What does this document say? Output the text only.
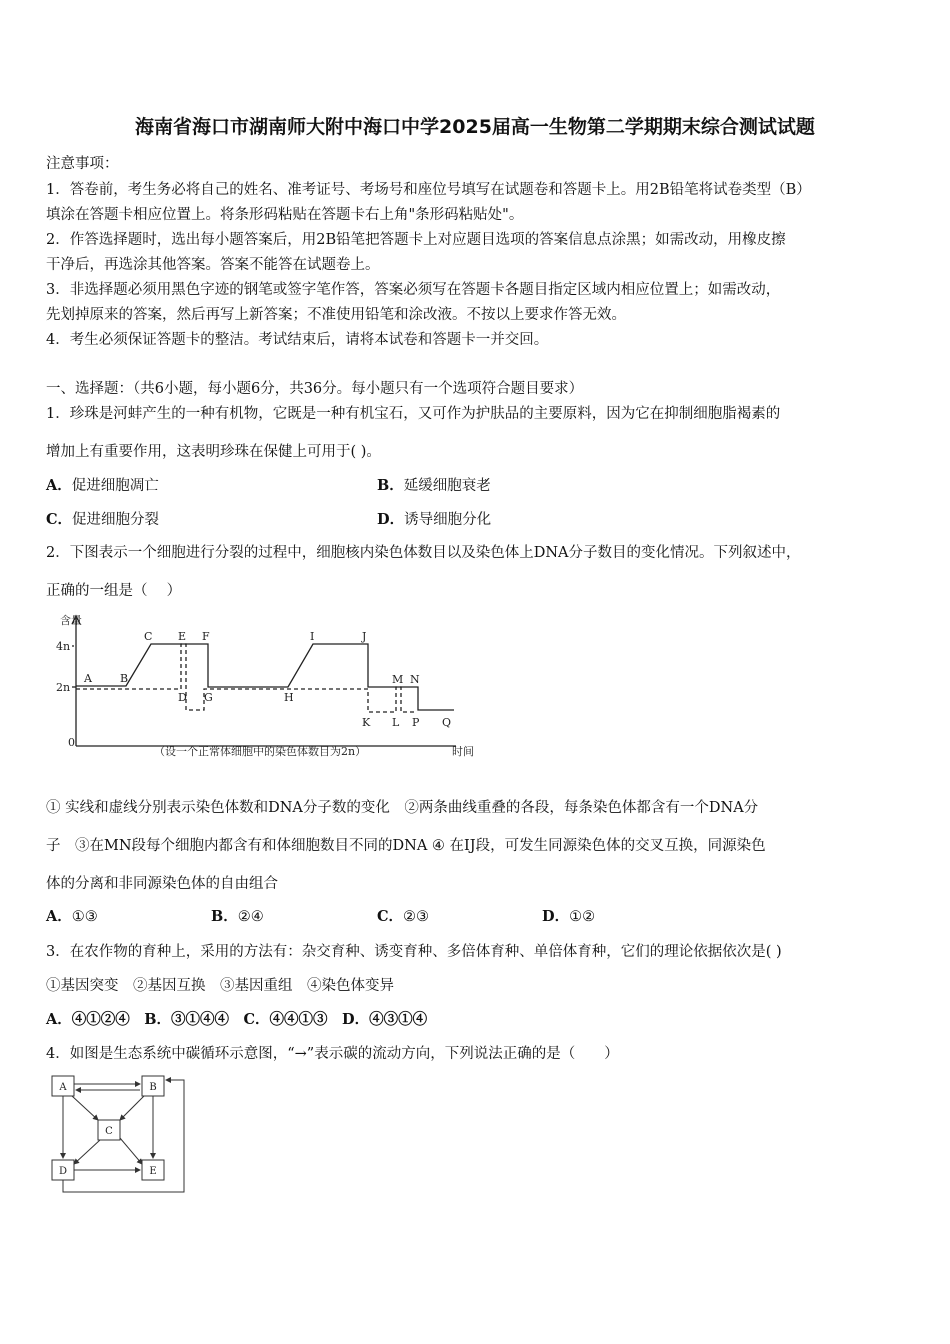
海南省海口市湖南师大附中海口中学2025届高一生物第二学期期末综合测试试题
注意事项：
1．答卷前，考生务必将自己的姓名、准考证号、考场号和座位号填写在试题卷和答题卡上。用2B铅笔将试卷类型（B）
填涂在答题卡相应位置上。将条形码粘贴在答题卡右上角"条形码粘贴处"。
2．作答选择题时，选出每小题答案后，用2B铅笔把答题卡上对应题目选项的答案信息点涂黑；如需改动，用橡皮擦
干净后，再选涂其他答案。答案不能答在试题卷上。
3．非选择题必须用黑色字迹的钢笔或签字笔作答，答案必须写在答题卡各题目指定区域内相应位置上；如需改动，
先划掉原来的答案，然后再写上新答案；不准使用铅笔和涂改液。不按以上要求作答无效。
4．考生必须保证答题卡的整洁。考试结束后，请将本试卷和答题卡一并交回。
一、选择题：（共6小题，每小题6分，共36分。每小题只有一个选项符合题目要求）
1．珍珠是河蚌产生的一种有机物，它既是一种有机宝石，又可作为护肤品的主要原料，因为它在抑制细胞脂褐素的
增加上有重要作用，这表明珍珠在保健上可用于( )。
A．促进细胞凋亡	B．延缓细胞衰老
C．促进细胞分裂	D．诱导细胞分化
2．下图表示一个细胞进行分裂的过程中，细胞核内染色体数目以及染色体上DNA分子数目的变化情况。下列叙述中，
正确的一组是（　 ）
含量
4n
2n
0
A	B
C E F
D G	H
I	J
M N
K L P Q
（设一个正常体细胞中的染色体数目为2n）	时间
① 实线和虚线分别表示染色体数和DNA分子数的变化　②两条曲线重叠的各段，每条染色体都含有一个DNA分
子　③在MN段每个细胞内都含有和体细胞数目不同的DNA ④ 在IJ段，可发生同源染色体的交叉互换，同源染色
体的分离和非同源染色体的自由组合
A．①③	B．②④	C．②③	D．①②
3．在农作物的育种上，采用的方法有：杂交育种、诱变育种、多倍体育种、单倍体育种，它们的理论依据依次是( )
①基因突变　②基因互换　③基因重组　④染色体变异
A．④①②④　B．③①④④　C．④④①③　D．④③①④
4．如图是生态系统中碳循环示意图，“→”表示碳的流动方向，下列说法正确的是（　　）
A	B
C
D	E
